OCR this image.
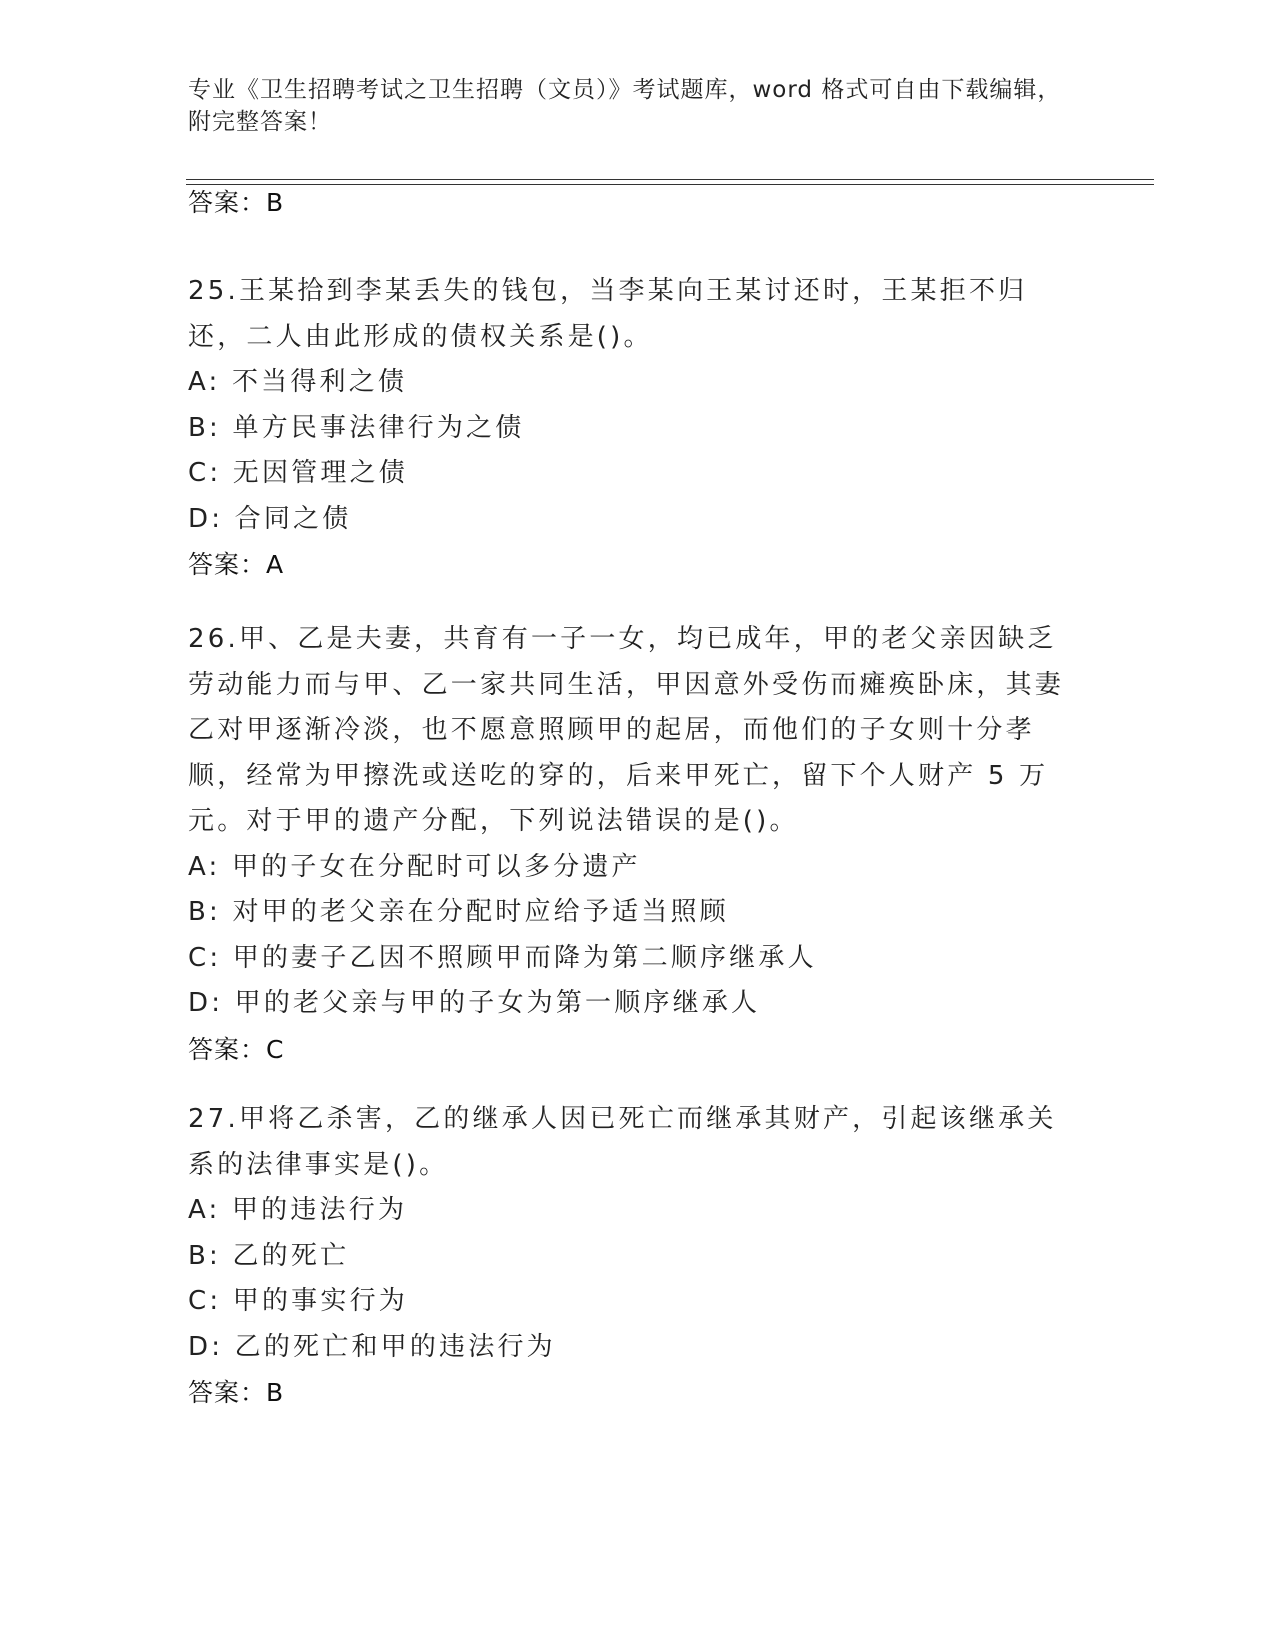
专业《卫生招聘考试之卫生招聘（文员）》考试题库，word 格式可自由下载编辑，附完整答案！
答案：B
25.王某拾到李某丢失的钱包，当李某向王某讨还时，王某拒不归还，二人由此形成的债权关系是()。
A: 不当得利之债
B: 单方民事法律行为之债
C: 无因管理之债
D: 合同之债
答案：A
26.甲、乙是夫妻，共育有一子一女，均已成年，甲的老父亲因缺乏劳动能力而与甲、乙一家共同生活，甲因意外受伤而瘫痪卧床，其妻乙对甲逐渐冷淡，也不愿意照顾甲的起居，而他们的子女则十分孝顺，经常为甲擦洗或送吃的穿的，后来甲死亡，留下个人财产 5 万元。对于甲的遗产分配，下列说法错误的是()。
A: 甲的子女在分配时可以多分遗产
B: 对甲的老父亲在分配时应给予适当照顾
C: 甲的妻子乙因不照顾甲而降为第二顺序继承人
D: 甲的老父亲与甲的子女为第一顺序继承人
答案：C
27.甲将乙杀害，乙的继承人因已死亡而继承其财产，引起该继承关系的法律事实是()。
A: 甲的违法行为
B: 乙的死亡
C: 甲的事实行为
D: 乙的死亡和甲的违法行为
答案：B
